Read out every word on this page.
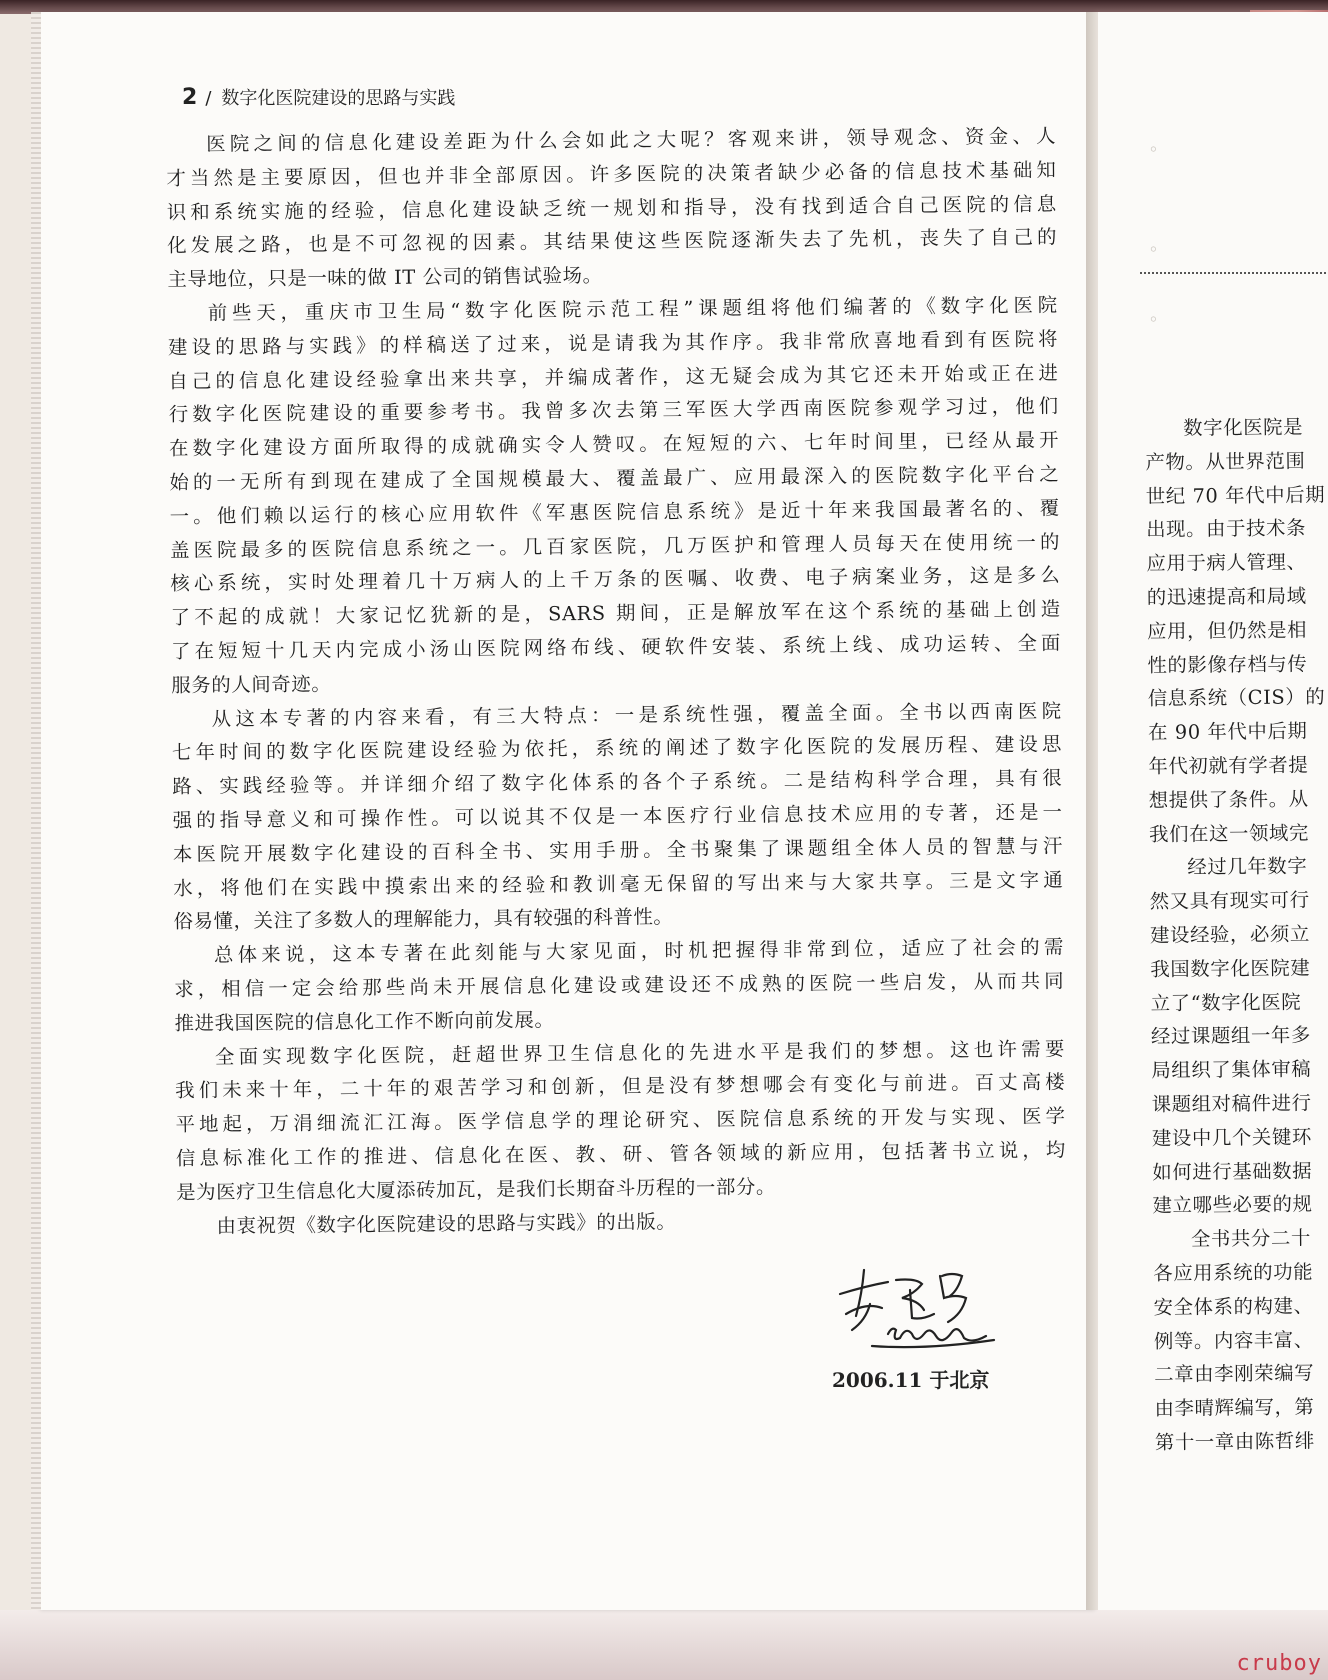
2 / 数字化医院建设的思路与实践
医院之间的信息化建设差距为什么会如此之大呢？客观来讲，领导观念、资金、人
才当然是主要原因，但也并非全部原因。许多医院的决策者缺少必备的信息技术基础知
识和系统实施的经验，信息化建设缺乏统一规划和指导，没有找到适合自己医院的信息
化发展之路，也是不可忽视的因素。其结果使这些医院逐渐失去了先机，丧失了自己的
主导地位，只是一味的做 IT 公司的销售试验场。
前些天，重庆市卫生局“数字化医院示范工程”课题组将他们编著的《数字化医院
建设的思路与实践》的样稿送了过来，说是请我为其作序。我非常欣喜地看到有医院将
自己的信息化建设经验拿出来共享，并编成著作，这无疑会成为其它还未开始或正在进
行数字化医院建设的重要参考书。我曾多次去第三军医大学西南医院参观学习过，他们
在数字化建设方面所取得的成就确实令人赞叹。在短短的六、七年时间里，已经从最开
始的一无所有到现在建成了全国规模最大、覆盖最广、应用最深入的医院数字化平台之
一。他们赖以运行的核心应用软件《军惠医院信息系统》是近十年来我国最著名的、覆
盖医院最多的医院信息系统之一。几百家医院，几万医护和管理人员每天在使用统一的
核心系统，实时处理着几十万病人的上千万条的医嘱、收费、电子病案业务，这是多么
了不起的成就！大家记忆犹新的是，SARS 期间，正是解放军在这个系统的基础上创造
了在短短十几天内完成小汤山医院网络布线、硬软件安装、系统上线、成功运转、全面
服务的人间奇迹。
从这本专著的内容来看，有三大特点：一是系统性强，覆盖全面。全书以西南医院
七年时间的数字化医院建设经验为依托，系统的阐述了数字化医院的发展历程、建设思
路、实践经验等。并详细介绍了数字化体系的各个子系统。二是结构科学合理，具有很
强的指导意义和可操作性。可以说其不仅是一本医疗行业信息技术应用的专著，还是一
本医院开展数字化建设的百科全书、实用手册。全书聚集了课题组全体人员的智慧与汗
水，将他们在实践中摸索出来的经验和教训毫无保留的写出来与大家共享。三是文字通
俗易懂，关注了多数人的理解能力，具有较强的科普性。
总体来说，这本专著在此刻能与大家见面，时机把握得非常到位，适应了社会的需
求，相信一定会给那些尚未开展信息化建设或建设还不成熟的医院一些启发，从而共同
推进我国医院的信息化工作不断向前发展。
全面实现数字化医院，赶超世界卫生信息化的先进水平是我们的梦想。这也许需要
我们未来十年，二十年的艰苦学习和创新，但是没有梦想哪会有变化与前进。百丈高楼
平地起，万涓细流汇江海。医学信息学的理论研究、医院信息系统的开发与实现、医学
信息标准化工作的推进、信息化在医、教、研、管各领域的新应用，包括著书立说，均
是为医疗卫生信息化大厦添砖加瓦，是我们长期奋斗历程的一部分。
由衷祝贺《数字化医院建设的思路与实践》的出版。
2006.11 于北京
。
。
。
数字化医院是
产物。从世界范围
世纪 70 年代中后期
出现。由于技术条
应用于病人管理、
的迅速提高和局域
应用，但仍然是相
性的影像存档与传
信息系统（CIS）的
在 90 年代中后期
年代初就有学者提
想提供了条件。从
我们在这一领域完
经过几年数字
然又具有现实可行
建设经验，必须立
我国数字化医院建
立了“数字化医院
经过课题组一年多
局组织了集体审稿
课题组对稿件进行
建设中几个关键环
如何进行基础数据
建立哪些必要的规
全书共分二十
各应用系统的功能
安全体系的构建、
例等。内容丰富、
二章由李刚荣编写
由李晴辉编写，第
第十一章由陈哲绯
cruboy
